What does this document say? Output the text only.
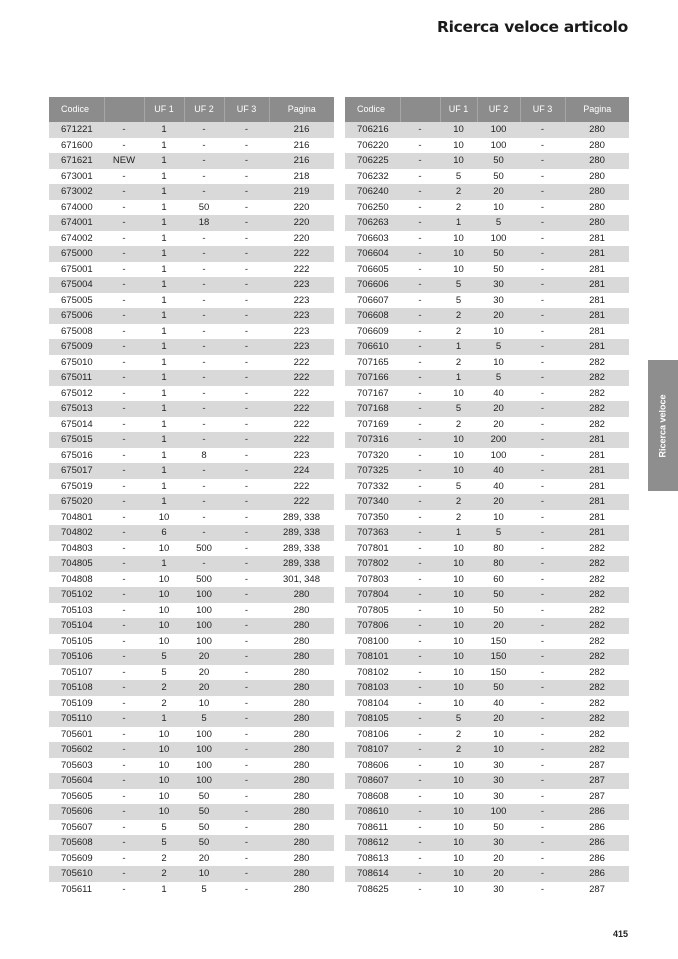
Ricerca veloce articolo
Codice		UF 1	UF 2	UF 3	Pagina
671221	-	1	-	-	216
671600	-	1	-	-	216
671621	NEW	1	-	-	216
673001	-	1	-	-	218
673002	-	1	-	-	219
674000	-	1	50	-	220
674001	-	1	18	-	220
674002	-	1	-	-	220
675000	-	1	-	-	222
675001	-	1	-	-	222
675004	-	1	-	-	223
675005	-	1	-	-	223
675006	-	1	-	-	223
675008	-	1	-	-	223
675009	-	1	-	-	223
675010	-	1	-	-	222
675011	-	1	-	-	222
675012	-	1	-	-	222
675013	-	1	-	-	222
675014	-	1	-	-	222
675015	-	1	-	-	222
675016	-	1	8	-	223
675017	-	1	-	-	224
675019	-	1	-	-	222
675020	-	1	-	-	222
704801	-	10	-	-	289, 338
704802	-	6	-	-	289, 338
704803	-	10	500	-	289, 338
704805	-	1	-	-	289, 338
704808	-	10	500	-	301, 348
705102	-	10	100	-	280
705103	-	10	100	-	280
705104	-	10	100	-	280
705105	-	10	100	-	280
705106	-	5	20	-	280
705107	-	5	20	-	280
705108	-	2	20	-	280
705109	-	2	10	-	280
705110	-	1	5	-	280
705601	-	10	100	-	280
705602	-	10	100	-	280
705603	-	10	100	-	280
705604	-	10	100	-	280
705605	-	10	50	-	280
705606	-	10	50	-	280
705607	-	5	50	-	280
705608	-	5	50	-	280
705609	-	2	20	-	280
705610	-	2	10	-	280
705611	-	1	5	-	280
Codice		UF 1	UF 2	UF 3	Pagina
706216	-	10	100	-	280
706220	-	10	100	-	280
706225	-	10	50	-	280
706232	-	5	50	-	280
706240	-	2	20	-	280
706250	-	2	10	-	280
706263	-	1	5	-	280
706603	-	10	100	-	281
706604	-	10	50	-	281
706605	-	10	50	-	281
706606	-	5	30	-	281
706607	-	5	30	-	281
706608	-	2	20	-	281
706609	-	2	10	-	281
706610	-	1	5	-	281
707165	-	2	10	-	282
707166	-	1	5	-	282
707167	-	10	40	-	282
707168	-	5	20	-	282
707169	-	2	20	-	282
707316	-	10	200	-	281
707320	-	10	100	-	281
707325	-	10	40	-	281
707332	-	5	40	-	281
707340	-	2	20	-	281
707350	-	2	10	-	281
707363	-	1	5	-	281
707801	-	10	80	-	282
707802	-	10	80	-	282
707803	-	10	60	-	282
707804	-	10	50	-	282
707805	-	10	50	-	282
707806	-	10	20	-	282
708100	-	10	150	-	282
708101	-	10	150	-	282
708102	-	10	150	-	282
708103	-	10	50	-	282
708104	-	10	40	-	282
708105	-	5	20	-	282
708106	-	2	10	-	282
708107	-	2	10	-	282
708606	-	10	30	-	287
708607	-	10	30	-	287
708608	-	10	30	-	287
708610	-	10	100	-	286
708611	-	10	50	-	286
708612	-	10	30	-	286
708613	-	10	20	-	286
708614	-	10	20	-	286
708625	-	10	30	-	287
Ricerca veloce
415
